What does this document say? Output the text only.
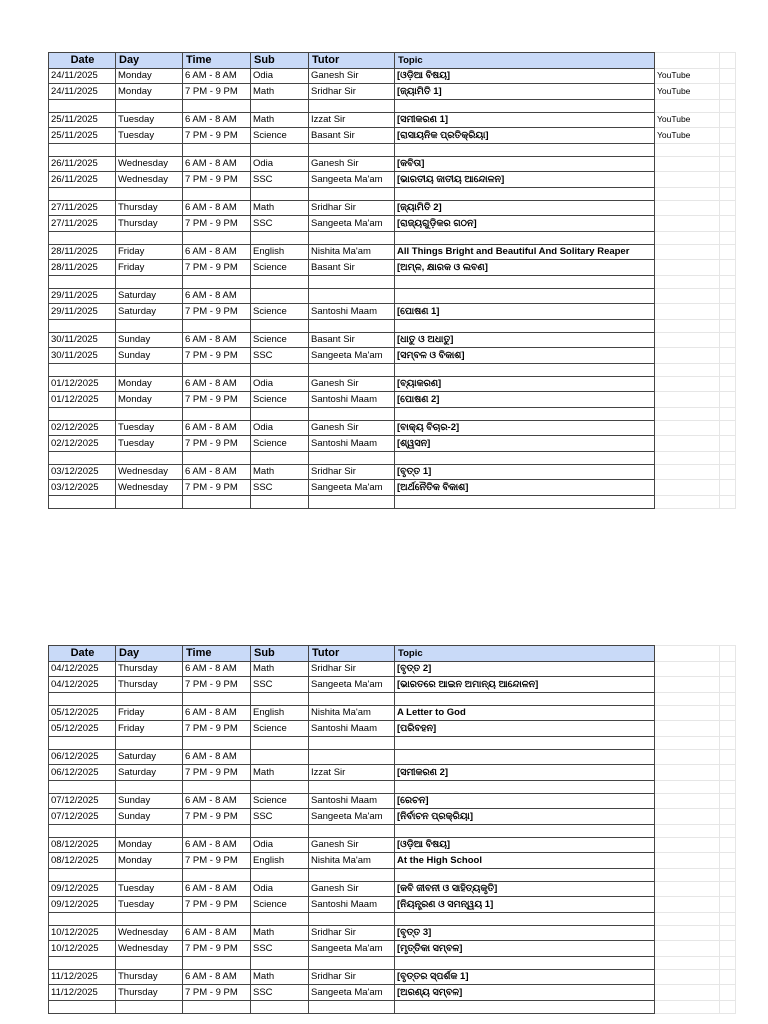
Date	Day	Time	Sub	Tutor	Topic		
24/11/2025	Monday	6 AM - 8 AM	Odia	Ganesh Sir	[ଓଡ଼ିଆ ବିଷୟ]	YouTube	
24/11/2025	Monday	7 PM - 9 PM	Math	Sridhar Sir	[ଜ୍ୟାମିତି 1]	YouTube	

25/11/2025	Tuesday	6 AM - 8 AM	Math	Izzat Sir	[ସମୀକରଣ 1]	YouTube	
25/11/2025	Tuesday	7 PM - 9 PM	Science	Basant Sir	[ରାସାୟନିକ ପ୍ରତିକ୍ରିୟା]	YouTube	

26/11/2025	Wednesday	6 AM - 8 AM	Odia	Ganesh Sir	[କବିତା]		
26/11/2025	Wednesday	7 PM - 9 PM	SSC	Sangeeta Ma'am	[ଭାରତୀୟ ଜାତୀୟ ଆନ୍ଦୋଳନ]		

27/11/2025	Thursday	6 AM - 8 AM	Math	Sridhar Sir	[ଜ୍ୟାମିତି 2]		
27/11/2025	Thursday	7 PM - 9 PM	SSC	Sangeeta Ma'am	[ରାଜ୍ୟଗୁଡ଼ିକର ଗଠନ]		

28/11/2025	Friday	6 AM - 8 AM	English	Nishita Ma'am	All Things Bright and Beautiful And Solitary Reaper		
28/11/2025	Friday	7 PM - 9 PM	Science	Basant Sir	[ଅମ୍ଳ, କ୍ଷାରକ ଓ ଲବଣ]		

29/11/2025	Saturday	6 AM - 8 AM					
29/11/2025	Saturday	7 PM - 9 PM	Science	Santoshi Maam	[ପୋଷଣ 1]		

30/11/2025	Sunday	6 AM - 8 AM	Science	Basant Sir	[ଧାତୁ ଓ ଅଧାତୁ]		
30/11/2025	Sunday	7 PM - 9 PM	SSC	Sangeeta Ma'am	[ସମ୍ବଳ ଓ ବିକାଶ]		

01/12/2025	Monday	6 AM - 8 AM	Odia	Ganesh Sir	[ବ୍ୟାକରଣ]		
01/12/2025	Monday	7 PM - 9 PM	Science	Santoshi Maam	[ପୋଷଣ 2]		

02/12/2025	Tuesday	6 AM - 8 AM	Odia	Ganesh Sir	[ବାକ୍ୟ ବିଚାର-2]		
02/12/2025	Tuesday	7 PM - 9 PM	Science	Santoshi Maam	[ଶ୍ୱସନ]		

03/12/2025	Wednesday	6 AM - 8 AM	Math	Sridhar Sir	[ବୃତ୍ତ 1]		
03/12/2025	Wednesday	7 PM - 9 PM	SSC	Sangeeta Ma'am	[ଅର୍ଥନୈତିକ ବିକାଶ]		

Date	Day	Time	Sub	Tutor	Topic		
04/12/2025	Thursday	6 AM - 8 AM	Math	Sridhar Sir	[ବୃତ୍ତ 2]		
04/12/2025	Thursday	7 PM - 9 PM	SSC	Sangeeta Ma'am	[ଭାରତରେ ଆଇନ ଅମାନ୍ୟ ଆନ୍ଦୋଳନ]		

05/12/2025	Friday	6 AM - 8 AM	English	Nishita Ma'am	A Letter to God		
05/12/2025	Friday	7 PM - 9 PM	Science	Santoshi Maam	[ପରିବହନ]		

06/12/2025	Saturday	6 AM - 8 AM					
06/12/2025	Saturday	7 PM - 9 PM	Math	Izzat Sir	[ସମୀକରଣ 2]		

07/12/2025	Sunday	6 AM - 8 AM	Science	Santoshi Maam	[ରେଚନ]		
07/12/2025	Sunday	7 PM - 9 PM	SSC	Sangeeta Ma'am	[ନିର୍ବାଚନ ପ୍ରକ୍ରିୟା]		

08/12/2025	Monday	6 AM - 8 AM	Odia	Ganesh Sir	[ଓଡ଼ିଆ ବିଷୟ]		
08/12/2025	Monday	7 PM - 9 PM	English	Nishita Ma'am	At the High School		

09/12/2025	Tuesday	6 AM - 8 AM	Odia	Ganesh Sir	[କବି ଜୀବନୀ ଓ ସାହିତ୍ୟକୃତି]		
09/12/2025	Tuesday	7 PM - 9 PM	Science	Santoshi Maam	[ନିୟନ୍ତ୍ରଣ ଓ ସମନ୍ୱୟ 1]		

10/12/2025	Wednesday	6 AM - 8 AM	Math	Sridhar Sir	[ବୃତ୍ତ 3]		
10/12/2025	Wednesday	7 PM - 9 PM	SSC	Sangeeta Ma'am	[ମୃତ୍ତିକା ସମ୍ବଳ]		

11/12/2025	Thursday	6 AM - 8 AM	Math	Sridhar Sir	[ବୃତ୍ତର ସ୍ପର୍ଶକ 1]		
11/12/2025	Thursday	7 PM - 9 PM	SSC	Sangeeta Ma'am	[ଅରଣ୍ୟ ସମ୍ବଳ]		
